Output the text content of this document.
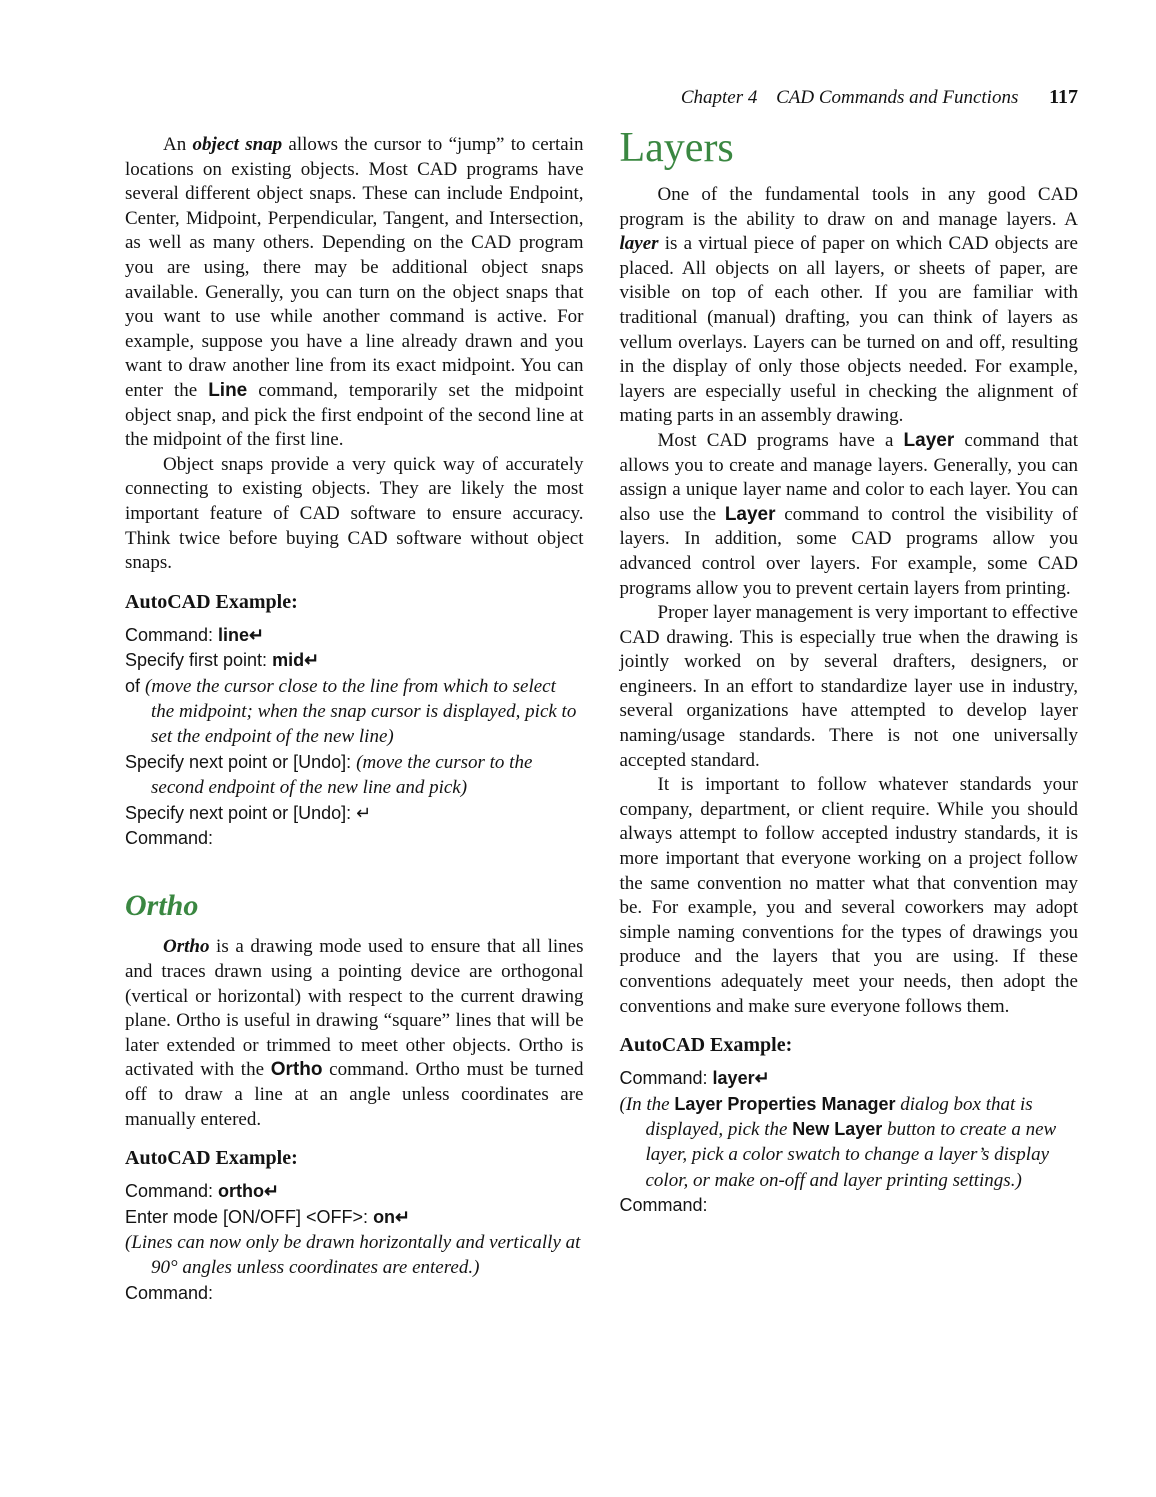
Chapter 4 CAD Commands and Functions 117

An object snap allows the cursor to “jump” to certain locations on existing objects. Most CAD programs have several different object snaps. These can include Endpoint, Center, Midpoint, Perpendicular, Tangent, and Intersection, as well as many others. Depending on the CAD program you are using, there may be additional object snaps available. Generally, you can turn on the object snaps that you want to use while another command is active. For example, suppose you have a line already drawn and you want to draw another line from its exact midpoint. You can enter the Line command, temporarily set the midpoint object snap, and pick the first endpoint of the second line at the midpoint of the first line.

Object snaps provide a very quick way of accurately connecting to existing objects. They are likely the most important feature of CAD software to ensure accuracy. Think twice before buying CAD software without object snaps.

AutoCAD Example:
Command: line↵
Specify first point: mid↵
of (move the cursor close to the line from which to select the midpoint; when the snap cursor is displayed, pick to set the endpoint of the new line)
Specify next point or [Undo]: (move the cursor to the second endpoint of the new line and pick)
Specify next point or [Undo]: ↵
Command:
Ortho

Ortho is a drawing mode used to ensure that all lines and traces drawn using a pointing device are orthogonal (vertical or horizontal) with respect to the current drawing plane. Ortho is useful in drawing “square” lines that will be later extended or trimmed to meet other objects. Ortho is activated with the Ortho command. Ortho must be turned off to draw a line at an angle unless coordinates are manually entered.

AutoCAD Example:
Command: ortho↵
Enter mode [ON/OFF] <OFF>: on↵
(Lines can now only be drawn horizontally and vertically at 90° angles unless coordinates are entered.)
Command:
Layers

One of the fundamental tools in any good CAD program is the ability to draw on and manage layers. A layer is a virtual piece of paper on which CAD objects are placed. All objects on all layers, or sheets of paper, are visible on top of each other. If you are familiar with traditional (manual) drafting, you can think of layers as vellum overlays. Layers can be turned on and off, resulting in the display of only those objects needed. For example, layers are especially useful in checking the alignment of mating parts in an assembly drawing.

Most CAD programs have a Layer command that allows you to create and manage layers. Generally, you can assign a unique layer name and color to each layer. You can also use the Layer command to control the visibility of layers. In addition, some CAD programs allow you advanced control over layers. For example, some CAD programs allow you to prevent certain layers from printing.

Proper layer management is very important to effective CAD drawing. This is especially true when the drawing is jointly worked on by several drafters, designers, or engineers. In an effort to standardize layer use in industry, several organizations have attempted to develop layer naming/usage standards. There is not one universally accepted standard.

It is important to follow whatever standards your company, department, or client require. While you should always attempt to follow accepted industry standards, it is more important that everyone working on a project follow the same convention no matter what that convention may be. For example, you and several coworkers may adopt simple naming conventions for the types of drawings you produce and the layers that you are using. If these conventions adequately meet your needs, then adopt the conventions and make sure everyone follows them.

AutoCAD Example:
Command: layer↵
(In the Layer Properties Manager dialog box that is displayed, pick the New Layer button to create a new layer, pick a color swatch to change a layer’s display color, or make on-off and layer printing settings.)
Command:
